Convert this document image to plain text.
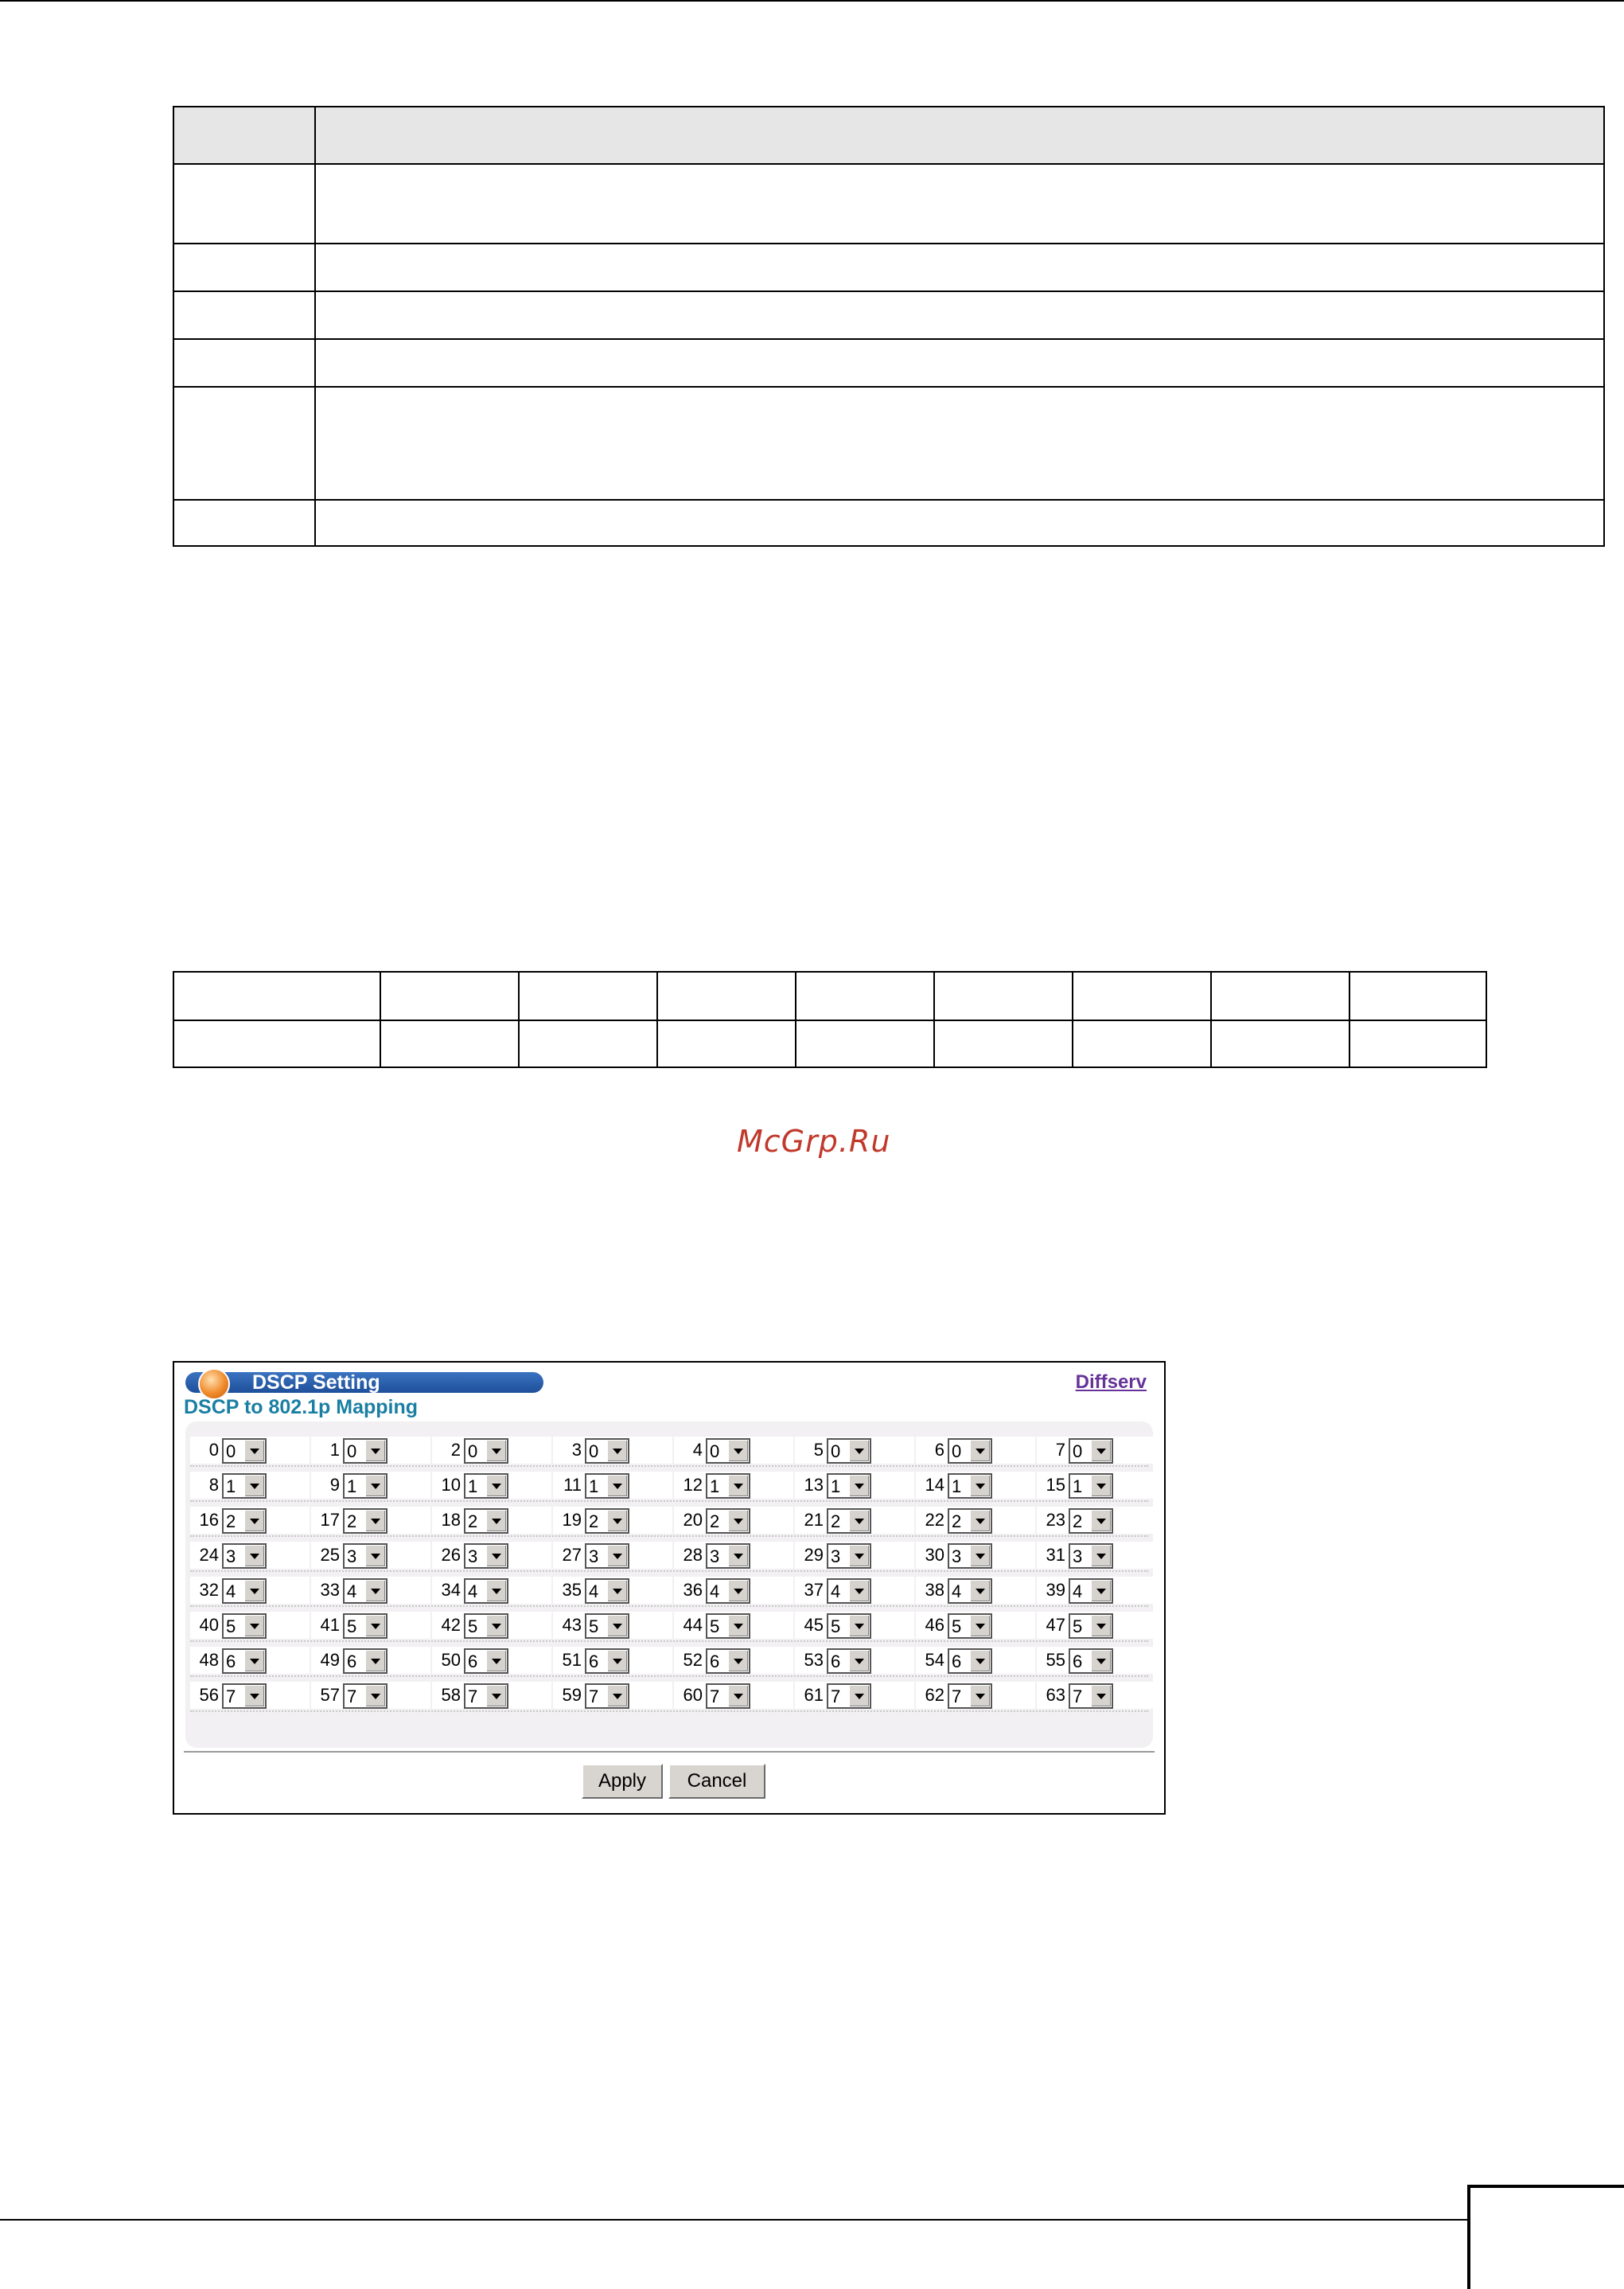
McGrp.Ru
DSCP Setting	Diffserv
DSCP to 802.1p Mapping
0 0	1 0	2 0	3 0	4 0	5 0	6 0	7 0
8 1	9 1	10 1	11 1	12 1	13 1	14 1	15 1
16 2	17 2	18 2	19 2	20 2	21 2	22 2	23 2
24 3	25 3	26 3	27 3	28 3	29 3	30 3	31 3
32 4	33 4	34 4	35 4	36 4	37 4	38 4	39 4
40 5	41 5	42 5	43 5	44 5	45 5	46 5	47 5
48 6	49 6	50 6	51 6	52 6	53 6	54 6	55 6
56 7	57 7	58 7	59 7	60 7	61 7	62 7	63 7
Apply	Cancel
